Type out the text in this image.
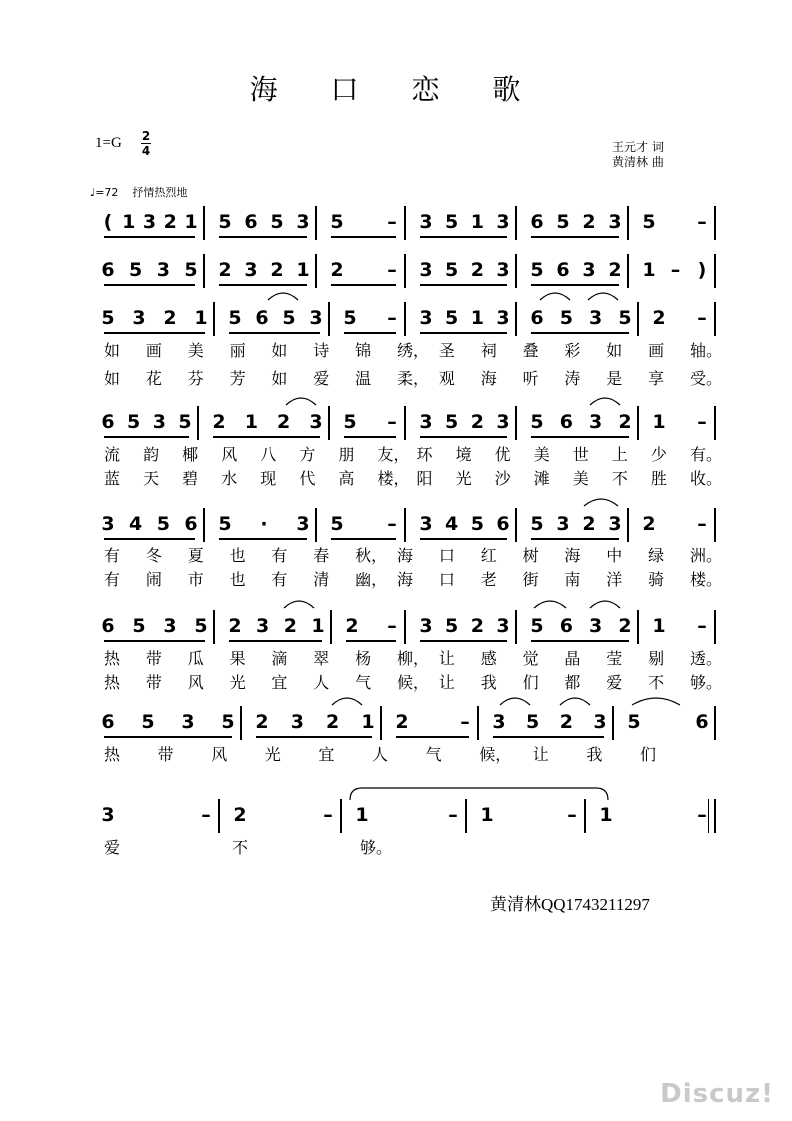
海 口 恋 歌
1=G 2
4	王元才 词
黄清林 曲
♩=72 抒情热烈地
( 1 3 2 1 5 6 5 3 5 – 3 5 1 3 6 5 2 3 5 –
6 5 3 5 2 3 2 1 2 – 3 5 2 3 5 6 3 2 1 – )
5 3 2 1 5 6 5 3 5 – 3 5 1 3 6 5 3 5 2 –
6 5 3 5 2 1 2 3 5 – 3 5 2 3 5 6 3 2 1 –
3 4 5 6 5 · 3 5 – 3 4 5 6 5 3 2 3 2 –
6 5 3 5 2 3 2 1 2 – 3 5 2 3 5 6 3 2 1 –
6 5 3 5 2 3 2 1 2	– 3 5 2 3 5	6
3	– 2	– 1	– 1	– 1	–
如 画 美 丽 如 诗 锦 绣， 圣 祠 叠 彩 如 画 轴。
如 花 芬 芳 如 爱 温 柔， 观 海 听 涛 是 享 受。
流 韵 椰 风 八 方 朋 友， 环 境 优 美 世 上 少 有。
蓝 天 碧 水 现 代 高 楼， 阳 光 沙 滩 美 不 胜 收。
有 冬 夏 也 有 春 秋， 海 口 红 树 海 中 绿 洲。
有 闹 市 也 有 清 幽， 海 口 老 街 南 洋 骑 楼。
热 带 瓜 果 滴 翠 杨 柳， 让 感 觉 晶 莹 剔 透。
热 带 风 光 宜 人 气 候， 让 我 们 都 爱 不 够。
热 带 风 光 宜 人 气 候， 让 我 们
爱	不	够。
黄清林QQ1743211297
Discuz!
